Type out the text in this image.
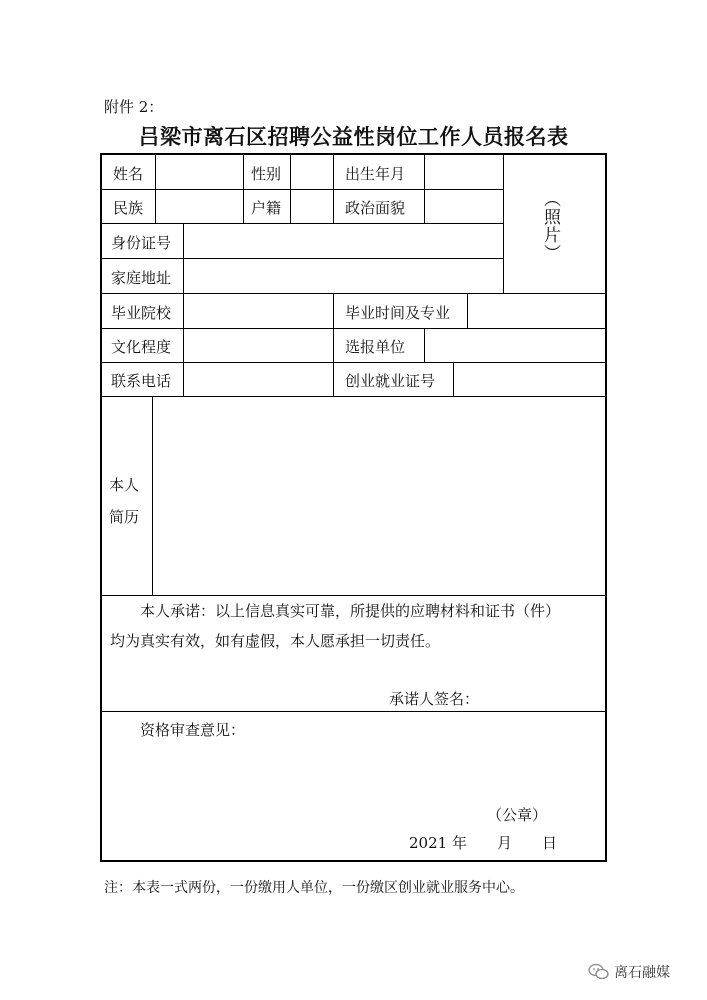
附件 2：
吕梁市离石区招聘公益性岗位工作人员报名表
姓名	性别	出生年月
民族	户籍	政治面貌
身份证号
家庭地址
毕业院校	毕业时间及专业
文化程度	选报单位
联系电话	创业就业证号
（照片）
本人
简历
本人承诺：以上信息真实可靠，所提供的应聘材料和证书（件）
均为真实有效，如有虚假，本人愿承担一切责任。
承诺人签名：
资格审查意见：
（公章）
2021 年　　月　　日
注：本表一式两份，一份缴用人单位，一份缴区创业就业服务中心。
离石融媒
